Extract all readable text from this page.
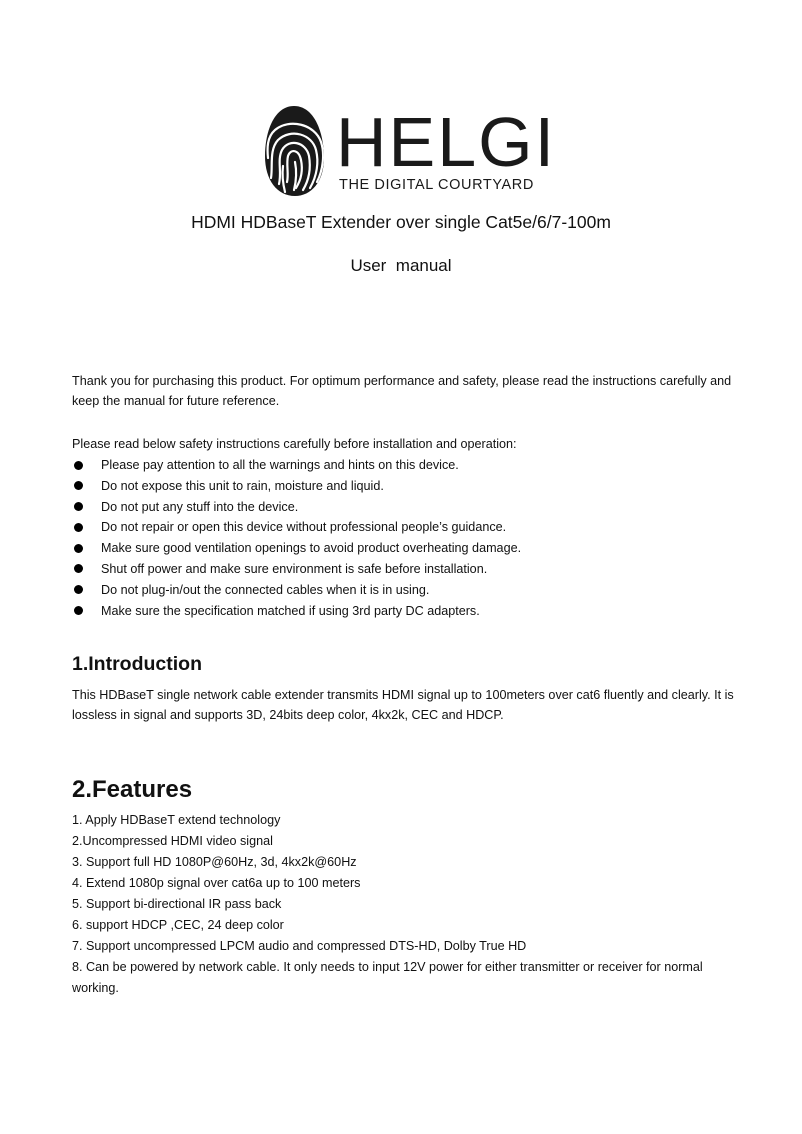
HELGI
THE DIGITAL COURTYARD
HDMI HDBaseT Extender over single Cat5e/6/7-100m
User  manual

Thank you for purchasing this product. For optimum performance and safety, please read the instructions carefully and keep the manual for future reference.

Please read below safety instructions carefully before installation and operation:

Please pay attention to all the warnings and hints on this device.
Do not expose this unit to rain, moisture and liquid.
Do not put any stuff into the device.
Do not repair or open this device without professional people’s guidance.
Make sure good ventilation openings to avoid product overheating damage.
Shut off power and make sure environment is safe before installation.
Do not plug-in/out the connected cables when it is in using.
Make sure the specification matched if using 3rd party DC adapters.
1.Introduction

This HDBaseT single network cable extender transmits HDMI signal up to 100meters over cat6 fluently and clearly. It is lossless in signal and supports 3D, 24bits deep color, 4kx2k, CEC and HDCP.

2.Features
1. Apply HDBaseT extend technology
2.Uncompressed HDMI video signal
3. Support full HD 1080P@60Hz, 3d, 4kx2k@60Hz
4. Extend 1080p signal over cat6a up to 100 meters
5. Support bi-directional IR pass back
6. support HDCP ,CEC, 24 deep color
7. Support uncompressed LPCM audio and compressed DTS-HD, Dolby True HD
8. Can be powered by network cable. It only needs to input 12V power for either transmitter or receiver for normal working.
